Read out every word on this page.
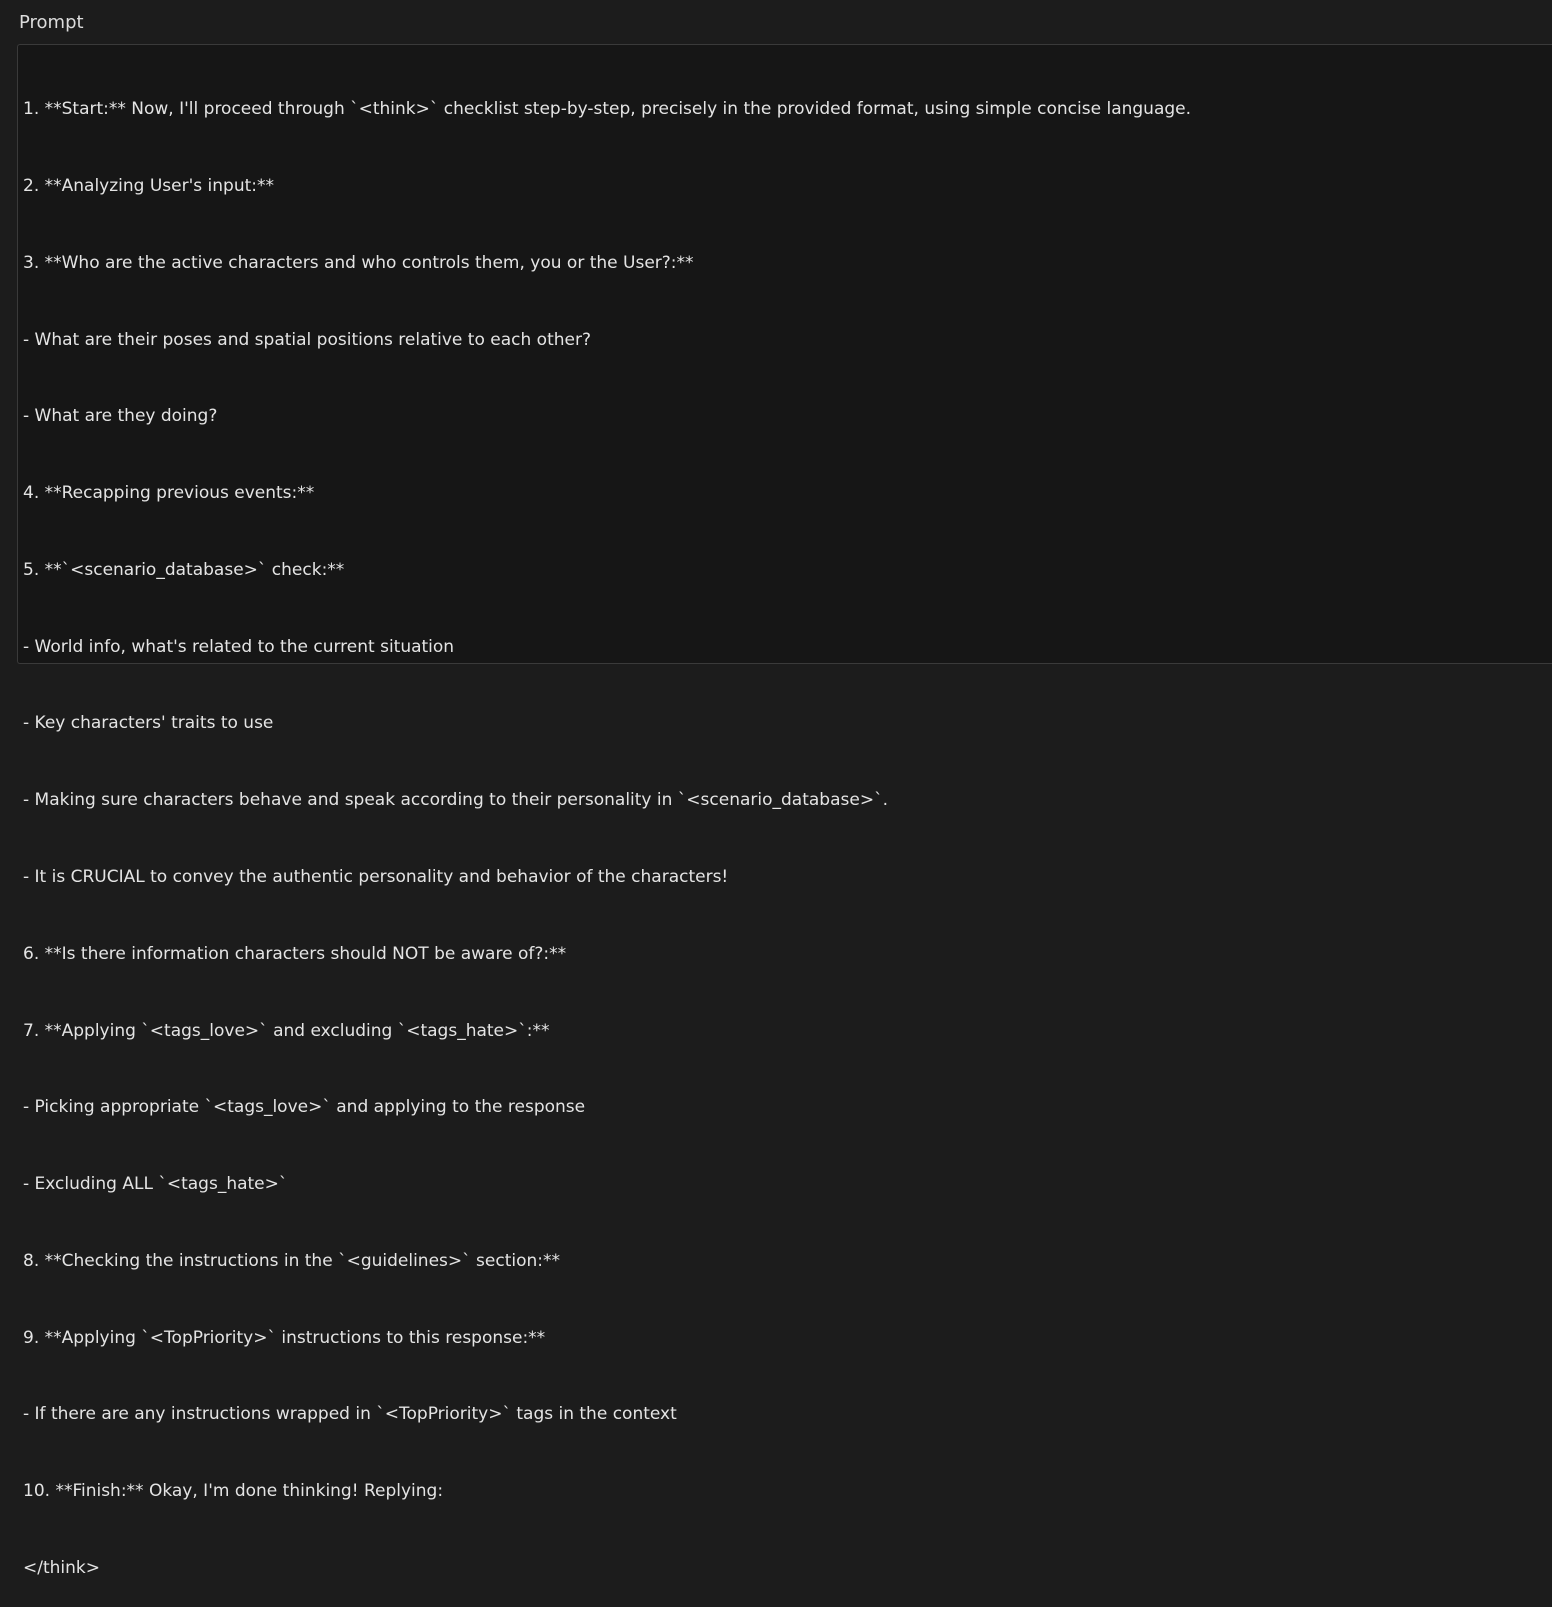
Prompt

1. **Start:** Now, I'll proceed through `<think>` checklist step-by-step, precisely in the provided format, using simple concise language.

2. **Analyzing User's input:**

3. **Who are the active characters and who controls them, you or the User?:**

- What are their poses and spatial positions relative to each other?

- What are they doing?

4. **Recapping previous events:**

5. **`<scenario_database>` check:**

- World info, what's related to the current situation

- Key characters' traits to use

- Making sure characters behave and speak according to their personality in `<scenario_database>`.

- It is CRUCIAL to convey the authentic personality and behavior of the characters!

6. **Is there information characters should NOT be aware of?:**

7. **Applying `<tags_love>` and excluding `<tags_hate>`:**

- Picking appropriate `<tags_love>` and applying to the response

- Excluding ALL `<tags_hate>`

8. **Checking the instructions in the `<guidelines>` section:**

9. **Applying `<TopPriority>` instructions to this response:**

- If there are any instructions wrapped in `<TopPriority>` tags in the context

10. **Finish:** Okay, I'm done thinking! Replying:

</think>
